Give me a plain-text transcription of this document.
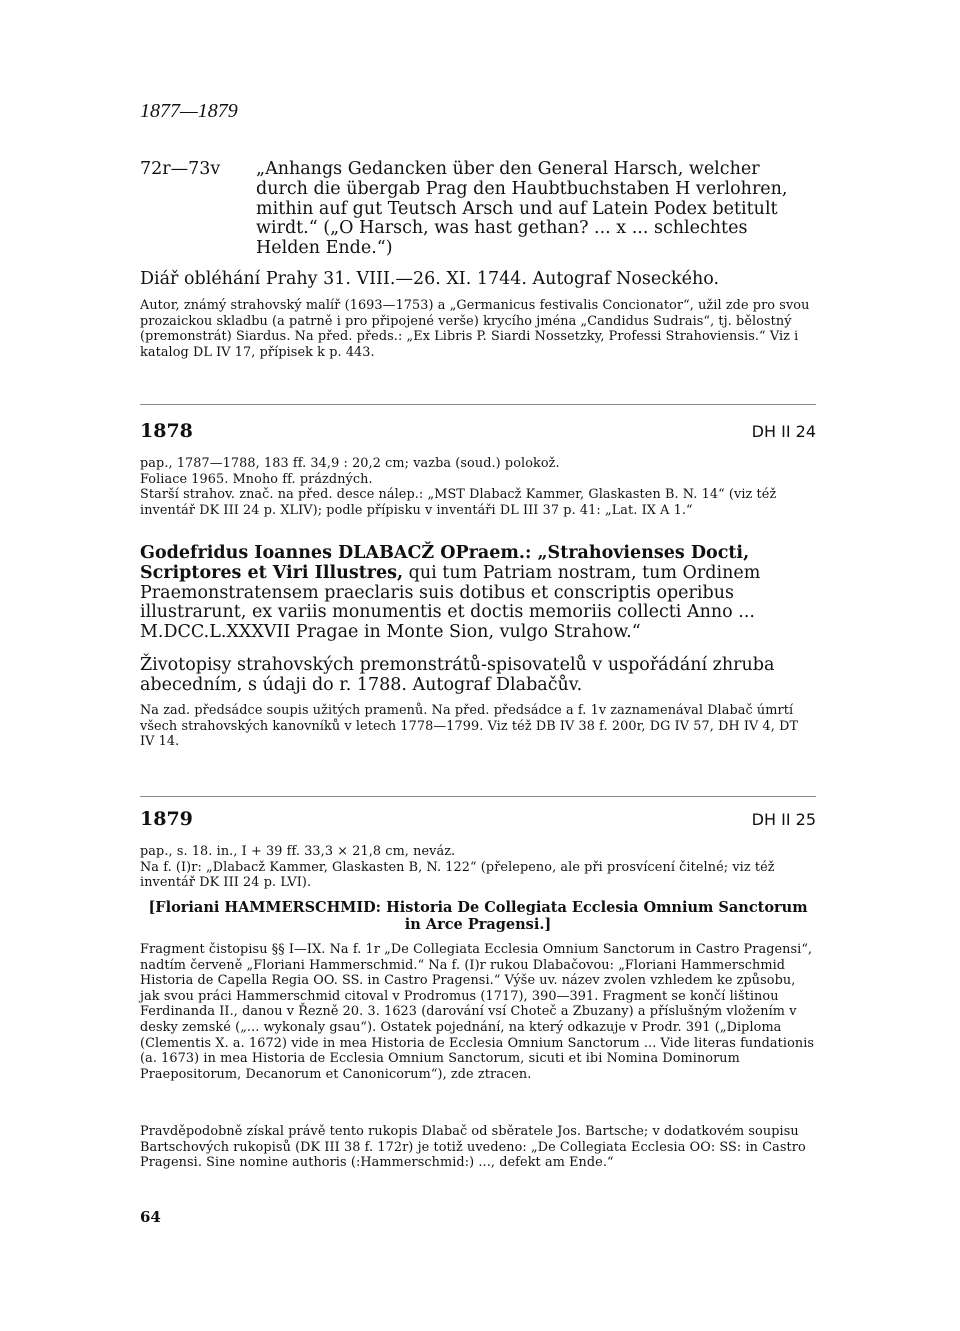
1877—1879
72r—73v	„Anhangs Gedancken über den General Harsch, welcher durch die übergab Prag den Haubtbuchstaben H verlohren, mithin auf gut Teutsch Arsch und auf Latein Podex betitult wirdt.“ („O Harsch, was hast gethan? ... x ... schlechtes Helden Ende.“)
Diář obléhání Prahy 31. VIII.—26. XI. 1744. Autograf Noseckého.
Autor, známý strahovský malíř (1693—1753) a „Germanicus festivalis Concionator“, užil zde pro svou prozaickou skladbu (a patrně i pro připojené verše) krycího jména „Candidus Sudrais“, tj. bělostný (premonstrát) Siardus. Na před. předs.: „Ex Libris P. Siardi Nossetzky, Professi Strahoviensis.“ Viz i katalog DL IV 17, přípisek k p. 443.
1878	DH II 24

pap., 1787—1788, 183 ff. 34,9 : 20,2 cm; vazba (soud.) polokož.

Foliace 1965. Mnoho ff. prázdných.

Starší strahov. znač. na před. desce nálep.: „MST Dlabacž Kammer, Glaskasten B. N. 14“ (viz též inventář DK III 24 p. XLIV); podle přípisku v inventáři DL III 37 p. 41: „Lat. IX A 1.“

Godefridus Ioannes DLABACŽ OPraem.: „Strahovienses Docti, Scriptores et Viri Illustres, qui tum Patriam nostram, tum Ordinem Praemonstratensem praeclaris suis dotibus et conscriptis operibus illustrarunt, ex variis monumentis et doctis memoriis collecti Anno ... M.DCC.L.XXXVII Pragae in Monte Sion, vulgo Strahow.“
Životopisy strahovských premonstrátů-spisovatelů v uspořádání zhruba abecedním, s údaji do r. 1788. Autograf Dlabačův.
Na zad. předsádce soupis užitých pramenů. Na před. předsádce a f. 1v zaznamenával Dlabač úmrtí všech strahovských kanovníků v letech 1778—1799. Viz též DB IV 38 f. 200r, DG IV 57, DH IV 4, DT IV 14.
1879	DH II 25

pap., s. 18. in., I + 39 ff. 33,3 × 21,8 cm, neváz.

Na f. (I)r: „Dlabacž Kammer, Glaskasten B, N. 122“ (přelepeno, ale při prosvícení čitelné; viz též inventář DK III 24 p. LVI).

[Floriani HAMMERSCHMID: Historia De Collegiata Ecclesia Omnium Sanctorum in Arce Pragensi.]
Fragment čistopisu §§ I—IX. Na f. 1r „De Collegiata Ecclesia Omnium Sanctorum in Castro Pragensi“, nadtím červeně „Floriani Hammerschmid.“ Na f. (I)r rukou Dlabačovou: „Floriani Hammerschmid Historia de Capella Regia OO. SS. in Castro Pragensi.“ Výše uv. název zvolen vzhledem ke způsobu, jak svou práci Hammerschmid citoval v Prodromus (1717), 390—391. Fragment se končí lištinou Ferdinanda II., danou v Řezně 20. 3. 1623 (darování vsí Choteč a Zbuzany) a příslušným vložením v desky zemské („... wykonaly gsau“). Ostatek pojednání, na který odkazuje v Prodr. 391 („Diploma (Clementis X. a. 1672) vide in mea Historia de Ecclesia Omnium Sanctorum ... Vide literas fundationis (a. 1673) in mea Historia de Ecclesia Omnium Sanctorum, sicuti et ibi Nomina Dominorum Praepositorum, Decanorum et Canonicorum“), zde ztracen.
Pravděpodobně získal právě tento rukopis Dlabač od sběratele Jos. Bartsche; v dodatkovém soupisu Bartschových rukopisů (DK III 38 f. 172r) je totiž uvedeno: „De Collegiata Ecclesia OO: SS: in Castro Pragensi. Sine nomine authoris (:Hammerschmid:) ..., defekt am Ende.“
64
